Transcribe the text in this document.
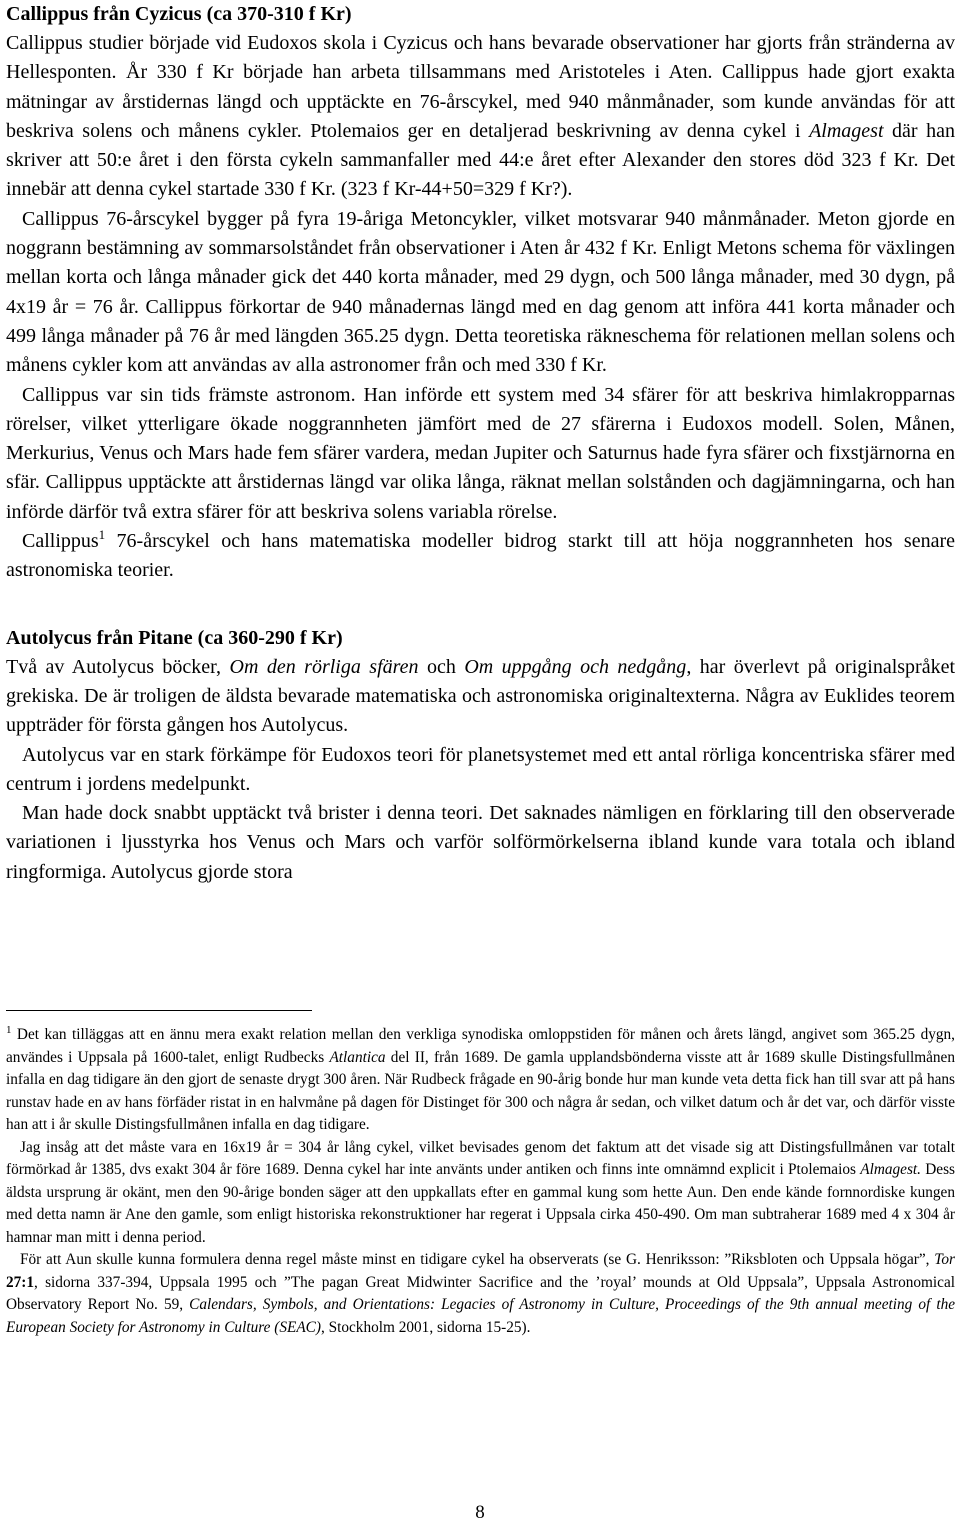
Callippus från Cyzicus (ca 370-310 f Kr)

Callippus studier började vid Eudoxos skola i Cyzicus och hans bevarade observationer har gjorts från stränderna av Hellesponten. År 330 f Kr började han arbeta tillsammans med Aristoteles i Aten. Callippus hade gjort exakta mätningar av årstidernas längd och upptäckte en 76-årscykel, med 940 månmånader, som kunde användas för att beskriva solens och månens cykler. Ptolemaios ger en detaljerad beskrivning av denna cykel i Almagest där han skriver att 50:e året i den första cykeln sammanfaller med 44:e året efter Alexander den stores död 323 f Kr. Det innebär att denna cykel startade 330 f Kr. (323 f Kr-44+50=329 f Kr?).

Callippus 76-årscykel bygger på fyra 19-åriga Metoncykler, vilket motsvarar 940 månmånader. Meton gjorde en noggrann bestämning av sommarsolståndet från observationer i Aten år 432 f Kr. Enligt Metons schema för växlingen mellan korta och långa månader gick det 440 korta månader, med 29 dygn, och 500 långa månader, med 30 dygn, på 4x19 år = 76 år. Callippus förkortar de 940 månadernas längd med en dag genom att införa 441 korta månader och 499 långa månader på 76 år med längden 365.25 dygn. Detta teoretiska räkneschema för relationen mellan solens och månens cykler kom att användas av alla astronomer från och med 330 f Kr.

Callippus var sin tids främste astronom. Han införde ett system med 34 sfärer för att beskriva himlakropparnas rörelser, vilket ytterligare ökade noggrannheten jämfört med de 27 sfärerna i Eudoxos modell. Solen, Månen, Merkurius, Venus och Mars hade fem sfärer vardera, medan Jupiter och Saturnus hade fyra sfärer och fixstjärnorna en sfär. Callippus upptäckte att årstidernas längd var olika långa, räknat mellan solstånden och dagjämningarna, och han införde därför två extra sfärer för att beskriva solens variabla rörelse.

Callippus$^1$ 76-årscykel och hans matematiska modeller bidrog starkt till att höja noggrannheten hos senare astronomiska teorier.

Autolycus från Pitane (ca 360-290 f Kr)

Två av Autolycus böcker, Om den rörliga sfären och Om uppgång och nedgång, har överlevt på originalspråket grekiska. De är troligen de äldsta bevarade matematiska och astronomiska originaltexterna. Några av Euklides teorem uppträder för första gången hos Autolycus.

Autolycus var en stark förkämpe för Eudoxos teori för planetsystemet med ett antal rörliga koncentriska sfärer med centrum i jordens medelpunkt.

Man hade dock snabbt upptäckt två brister i denna teori. Det saknades nämligen en förklaring till den observerade variationen i ljusstyrka hos Venus och Mars och varför solförmörkelserna ibland kunde vara totala och ibland ringformiga. Autolycus gjorde stora

$^1$ Det kan tilläggas att en ännu mera exakt relation mellan den verkliga synodiska omloppstiden för månen och årets längd, angivet som 365.25 dygn, användes i Uppsala på 1600-talet, enligt Rudbecks Atlantica del II, från 1689. De gamla upplandsbönderna visste att år 1689 skulle Distingsfullmånen infalla en dag tidigare än den gjort de senaste drygt 300 åren. När Rudbeck frågade en 90-årig bonde hur man kunde veta detta fick han till svar att på hans runstav hade en av hans förfäder ristat in en halvmåne på dagen för Distinget för 300 och några år sedan, och vilket datum och år det var, och därför visste han att i år skulle Distingsfullmånen infalla en dag tidigare.

Jag insåg att det måste vara en 16x19 år = 304 år lång cykel, vilket bevisades genom det faktum att det visade sig att Distingsfullmånen var totalt förmörkad år 1385, dvs exakt 304 år före 1689. Denna cykel har inte använts under antiken och finns inte omnämnd explicit i Ptolemaios Almagest. Dess äldsta ursprung är okänt, men den 90-årige bonden säger att den uppkallats efter en gammal kung som hette Aun. Den ende kände fornnordiske kungen med detta namn är Ane den gamle, som enligt historiska rekonstruktioner har regerat i Uppsala cirka 450-490. Om man subtraherar 1689 med 4 x 304 år hamnar man mitt i denna period.

För att Aun skulle kunna formulera denna regel måste minst en tidigare cykel ha observerats (se G. Henriksson: ”Riksbloten och Uppsala högar”, Tor 27:1, sidorna 337-394, Uppsala 1995 och ”The pagan Great Midwinter Sacrifice and the ’royal’ mounds at Old Uppsala”, Uppsala Astronomical Observatory Report No. 59, Calendars, Symbols, and Orientations: Legacies of Astronomy in Culture, Proceedings of the 9th annual meeting of the European Society for Astronomy in Culture (SEAC), Stockholm 2001, sidorna 15-25).

8
